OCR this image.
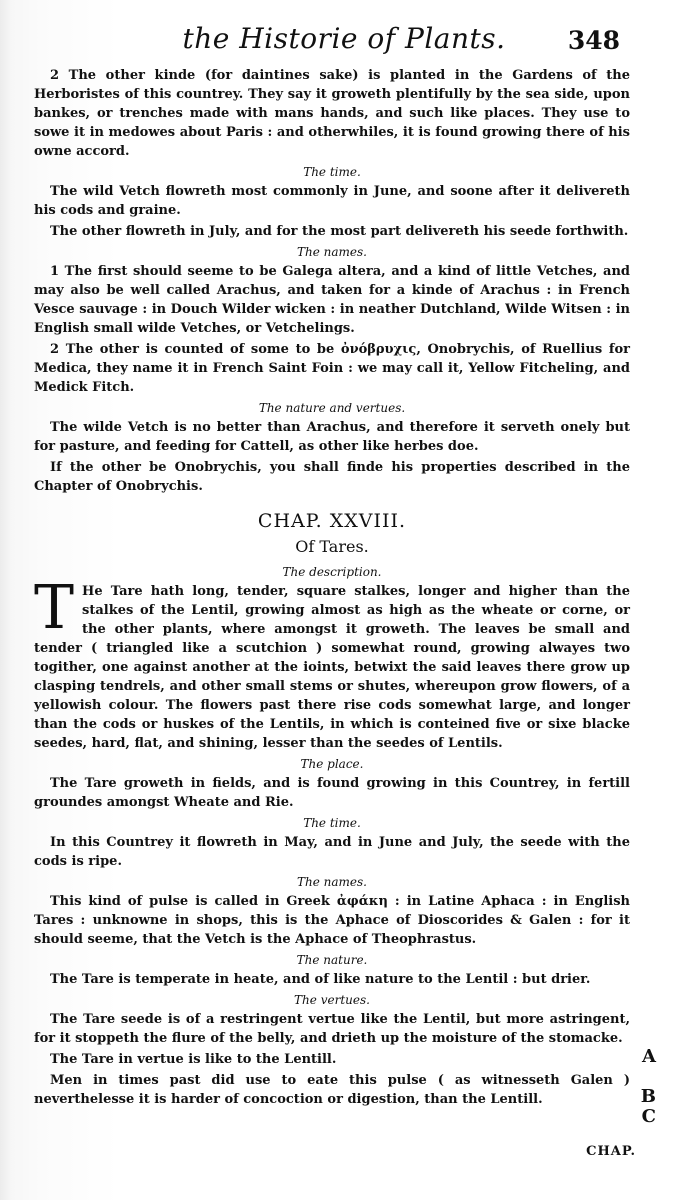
the Historie of Plants.	348

2 The other kinde (for daintines sake) is planted in the Gardens of the Herboristes of this countrey. They say it groweth plentifully by the sea side, upon bankes, or trenches made with mans hands, and such like places. They use to sowe it in medowes about Paris : and otherwhiles, it is found growing there of his owne accord.

The time.

The wild Vetch flowreth most commonly in June, and soone after it delivereth his cods and graine.

The other flowreth in July, and for the most part delivereth his seede forthwith.

The names.

1 The first should seeme to be Galega altera, and a kind of little Vetches, and may also be well called Arachus, and taken for a kinde of Arachus : in French Vesce sauvage : in Douch Wilder wicken : in neather Dutchland, Wilde Witsen : in English small wilde Vetches, or Vetchelings.

2 The other is counted of some to be ὀνόβρυχις, Onobrychis, of Ruellius for Medica, they name it in French Saint Foin : we may call it, Yellow Fitcheling, and Medick Fitch.

The nature and vertues.

The wilde Vetch is no better than Arachus, and therefore it serveth onely but for pasture, and feeding for Cattell, as other like herbes doe.

If the other be Onobrychis, you shall finde his properties described in the Chapter of Onobrychis.

CHAP. XXVIII.
Of Tares.
The description.

T He Tare hath long, tender, square stalkes, longer and higher than the stalkes of the Lentil, growing almost as high as the wheate or corne, or the other plants, where amongst it groweth. The leaves be small and tender ( triangled like a scutchion ) somewhat round, growing alwayes two togither, one against another at the ioints, betwixt the said leaves there grow up clasping tendrels, and other small stems or shutes, whereupon grow flowers, of a yellowish colour. The flowers past there rise cods somewhat large, and longer than the cods or huskes of the Lentils, in which is conteined five or sixe blacke seedes, hard, flat, and shining, lesser than the seedes of Lentils.

The place.

The Tare groweth in fields, and is found growing in this Countrey, in fertill groundes amongst Wheate and Rie.

The time.

In this Countrey it flowreth in May, and in June and July, the seede with the cods is ripe.

The names.

This kind of pulse is called in Greek ἀφάκη : in Latine Aphaca : in English Tares : unknowne in shops, this is the Aphace of Dioscorides & Galen : for it should seeme, that the Vetch is the Aphace of Theophrastus.

The nature.

The Tare is temperate in heate, and of like nature to the Lentil : but drier.

The vertues.

The Tare seede is of a restringent vertue like the Lentil, but more astringent, for it stoppeth the flure of the belly, and drieth up the moisture of the stomacke.

The Tare in vertue is like to the Lentill.

Men in times past did use to eate this pulse ( as witnesseth Galen ) neverthelesse it is harder of concoction or digestion, than the Lentill.

A
B
C
CHAP.
